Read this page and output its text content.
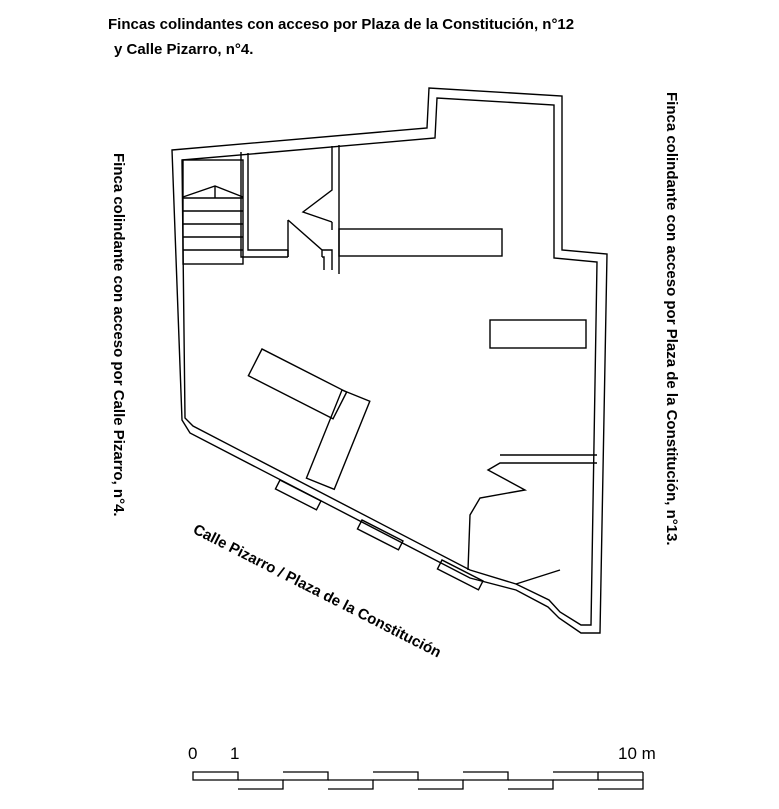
Fincas colindantes con acceso por Plaza de la Constitución, n°12
y Calle Pizarro, n°4.
Finca colindante con acceso por Calle Pizarro, n°4.	Finca colindante con acceso por Plaza de la Constitución, n°13.
Calle Pizarro / Plaza de la Constitución
0 1	10 m
